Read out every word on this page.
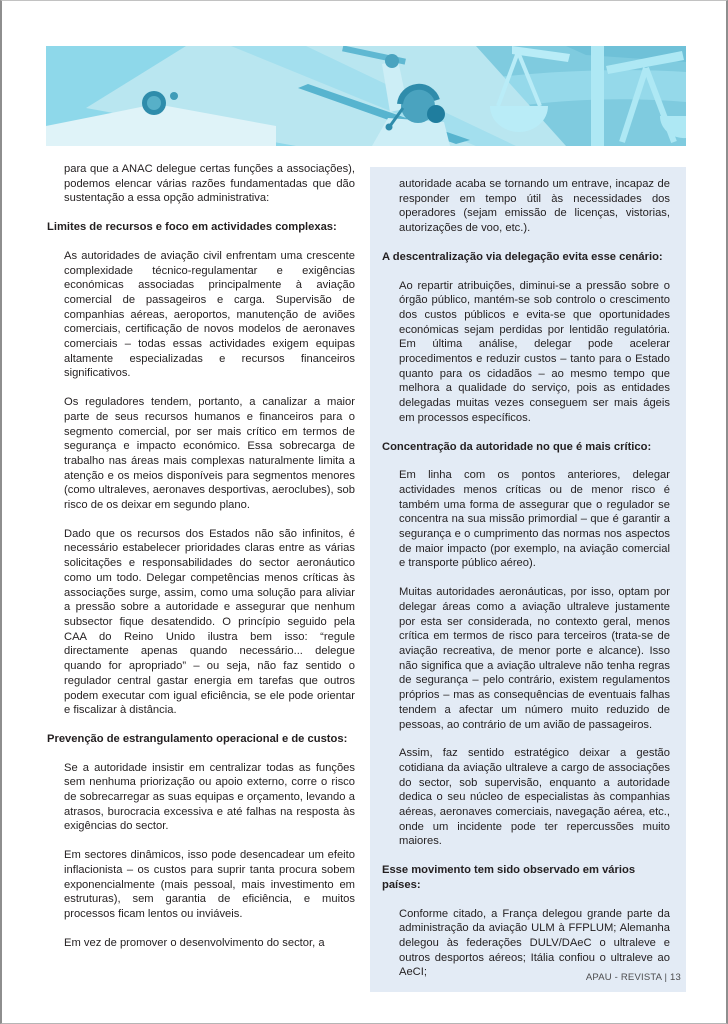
para que a ANAC delegue certas funções a associações), podemos elencar várias razões fundamentadas que dão sustentação a essa opção administrativa:

Limites de recursos e foco em actividades complexas:

As autoridades de aviação civil enfrentam uma crescente complexidade técnico-regulamentar e exigências económicas associadas principalmente à aviação comercial de passageiros e carga. Supervisão de companhias aéreas, aeroportos, manutenção de aviões comerciais, certificação de novos modelos de aeronaves comerciais – todas essas actividades exigem equipas altamente especializadas e recursos financeiros significativos.

Os reguladores tendem, portanto, a canalizar a maior parte de seus recursos humanos e financeiros para o segmento comercial, por ser mais crítico em termos de segurança e impacto económico. Essa sobrecarga de trabalho nas áreas mais complexas naturalmente limita a atenção e os meios disponíveis para segmentos menores (como ultraleves, aeronaves desportivas, aeroclubes), sob risco de os deixar em segundo plano.

Dado que os recursos dos Estados não são infinitos, é necessário estabelecer prioridades claras entre as várias solicitações e responsabilidades do sector aeronáutico como um todo. Delegar competências menos críticas às associações surge, assim, como uma solução para aliviar a pressão sobre a autoridade e assegurar que nenhum subsector fique desatendido. O princípio seguido pela CAA do Reino Unido ilustra bem isso: “regule directamente apenas quando necessário... delegue quando for apropriado” – ou seja, não faz sentido o regulador central gastar energia em tarefas que outros podem executar com igual eficiência, se ele pode orientar e fiscalizar à distância.

Prevenção de estrangulamento operacional e de custos:

Se a autoridade insistir em centralizar todas as funções sem nenhuma priorização ou apoio externo, corre o risco de sobrecarregar as suas equipas e orçamento, levando a atrasos, burocracia excessiva e até falhas na resposta às exigências do sector.

Em sectores dinâmicos, isso pode desencadear um efeito inflacionista – os custos para suprir tanta procura sobem exponencialmente (mais pessoal, mais investimento em estruturas), sem garantia de eficiência, e muitos processos ficam lentos ou inviáveis.

Em vez de promover o desenvolvimento do sector, a

autoridade acaba se tornando um entrave, incapaz de responder em tempo útil às necessidades dos operadores (sejam emissão de licenças, vistorias, autorizações de voo, etc.).

A descentralização via delegação evita esse cenário:

Ao repartir atribuições, diminui-se a pressão sobre o órgão público, mantém-se sob controlo o crescimento dos custos públicos e evita-se que oportunidades económicas sejam perdidas por lentidão regulatória. Em última análise, delegar pode acelerar procedimentos e reduzir custos – tanto para o Estado quanto para os cidadãos – ao mesmo tempo que melhora a qualidade do serviço, pois as entidades delegadas muitas vezes conseguem ser mais ágeis em processos específicos.

Concentração da autoridade no que é mais crítico:

Em linha com os pontos anteriores, delegar actividades menos críticas ou de menor risco é também uma forma de assegurar que o regulador se concentra na sua missão primordial – que é garantir a segurança e o cumprimento das normas nos aspectos de maior impacto (por exemplo, na aviação comercial e transporte público aéreo).

Muitas autoridades aeronáuticas, por isso, optam por delegar áreas como a aviação ultraleve justamente por esta ser considerada, no contexto geral, menos crítica em termos de risco para terceiros (trata-se de aviação recreativa, de menor porte e alcance). Isso não significa que a aviação ultraleve não tenha regras de segurança – pelo contrário, existem regulamentos próprios – mas as consequências de eventuais falhas tendem a afectar um número muito reduzido de pessoas, ao contrário de um avião de passageiros.

Assim, faz sentido estratégico deixar a gestão cotidiana da aviação ultraleve a cargo de associações do sector, sob supervisão, enquanto a autoridade dedica o seu núcleo de especialistas às companhias aéreas, aeronaves comerciais, navegação aérea, etc., onde um incidente pode ter repercussões muito maiores.

Esse movimento tem sido observado em vários países:

Conforme citado, a França delegou grande parte da administração da aviação ULM à FFPLUM; Alemanha delegou às federações DULV/DAeC o ultraleve e outros desportos aéreos; Itália confiou o ultraleve ao AeCI;	APAU - REVISTA | 13
